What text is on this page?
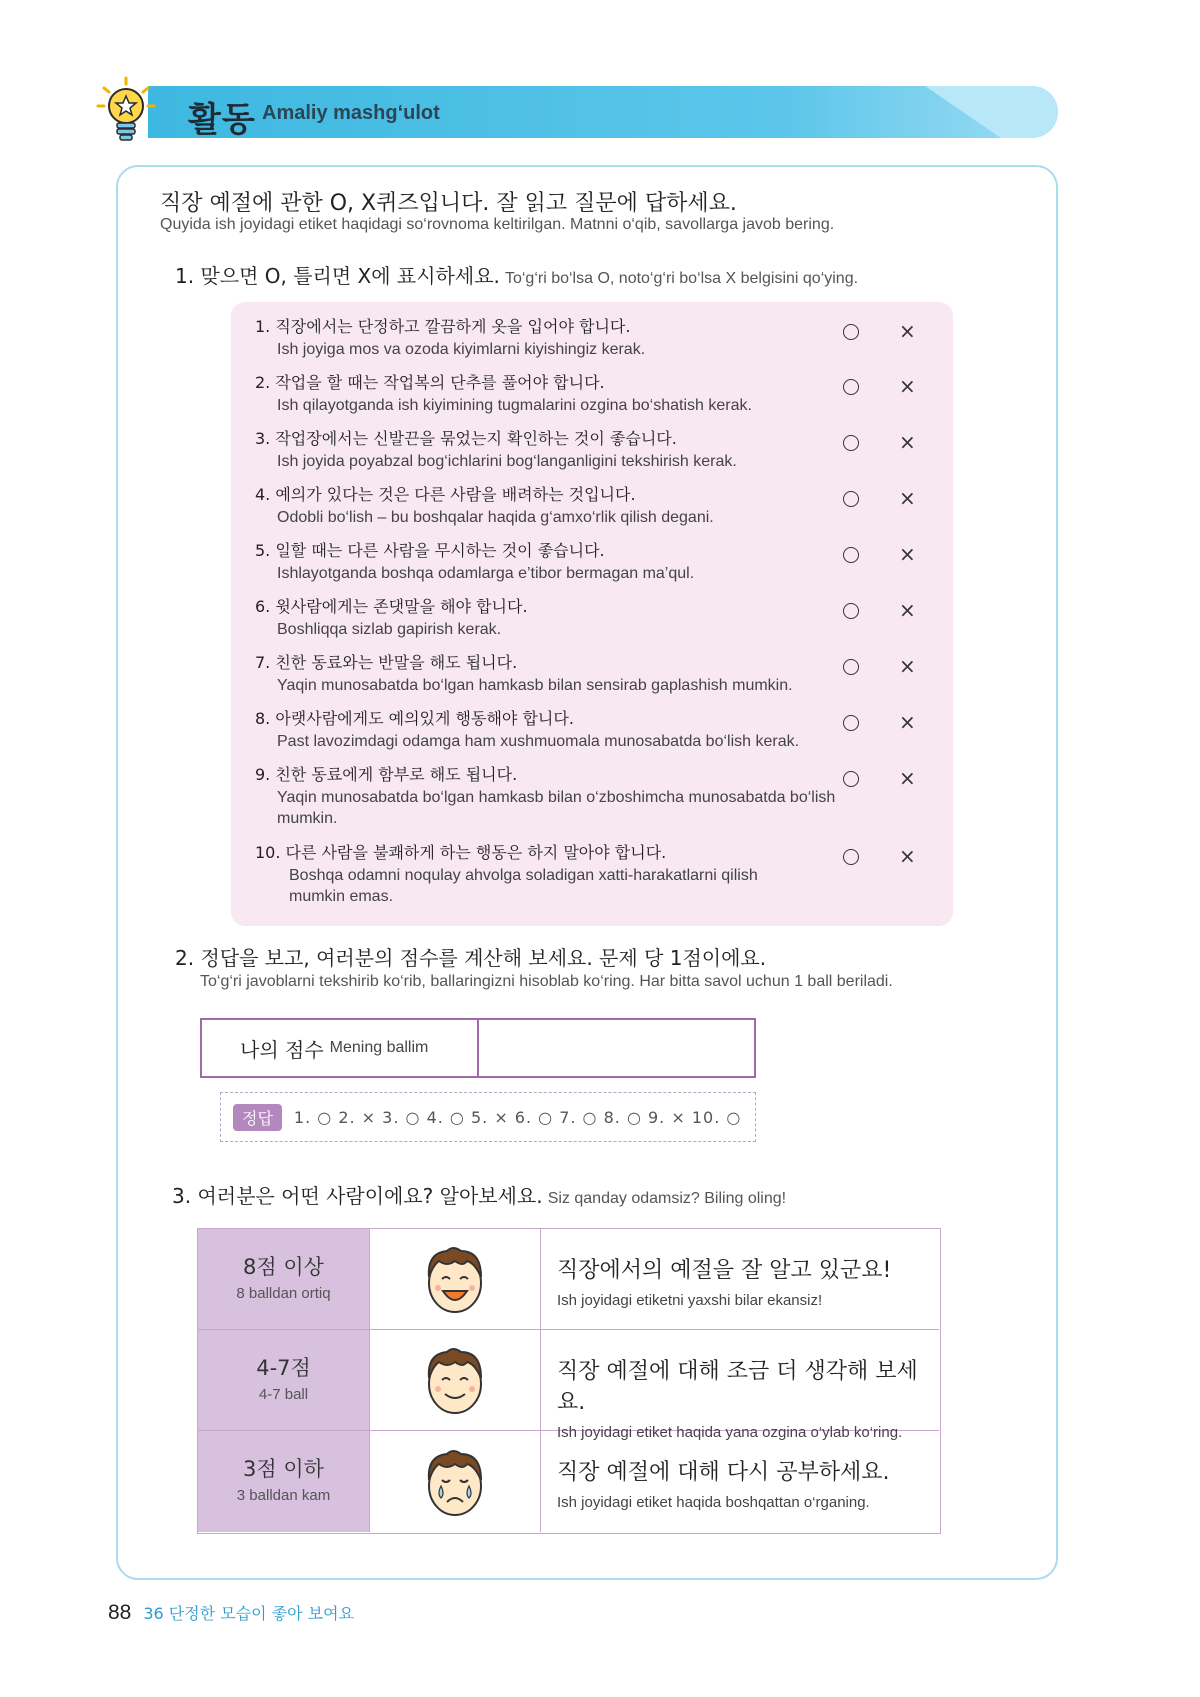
활동 Amaliy mashg‘ulot
직장 예절에 관한 O, X퀴즈입니다. 잘 읽고 질문에 답하세요.
Quyida ish joyidagi etiket haqidagi so‘rovnoma keltirilgan. Matnni o‘qib, savollarga javob bering.
1. 맞으면 O, 틀리면 X에 표시하세요. To‘g‘ri bo‘lsa O, noto‘g‘ri bo‘lsa X belgisini qo‘ying.
1. 직장에서는 단정하고 깔끔하게 옷을 입어야 합니다.
Ish joyiga mos va ozoda kiyimlarni kiyishingiz kerak.
×
2. 작업을 할 때는 작업복의 단추를 풀어야 합니다.
Ish qilayotganda ish kiyimining tugmalarini ozgina bo‘shatish kerak.
×
3. 작업장에서는 신발끈을 묶었는지 확인하는 것이 좋습니다.
Ish joyida poyabzal bog‘ichlarini bog‘langanligini tekshirish kerak.
×
4. 예의가 있다는 것은 다른 사람을 배려하는 것입니다.
Odobli bo‘lish – bu boshqalar haqida g‘amxo‘rlik qilish degani.
×
5. 일할 때는 다른 사람을 무시하는 것이 좋습니다.
Ishlayotganda boshqa odamlarga e’tibor bermagan ma’qul.
×
6. 윗사람에게는 존댓말을 해야 합니다.
Boshliqqa sizlab gapirish kerak.
×
7. 친한 동료와는 반말을 해도 됩니다.
Yaqin munosabatda bo‘lgan hamkasb bilan sensirab gaplashish mumkin.
×
8. 아랫사람에게도 예의있게 행동해야 합니다.
Past lavozimdagi odamga ham xushmuomala munosabatda bo‘lish kerak.
×
9. 친한 동료에게 함부로 해도 됩니다.
Yaqin munosabatda bo‘lgan hamkasb bilan o‘zboshimcha munosabatda bo‘lish mumkin.
×
10. 다른 사람을 불쾌하게 하는 행동은 하지 말아야 합니다.
Boshqa odamni noqulay ahvolga soladigan xatti-harakatlarni qilish mumkin emas.
×
2. 정답을 보고, 여러분의 점수를 계산해 보세요. 문제 당 1점이에요.
To‘g‘ri javoblarni tekshirib ko‘rib, ballaringizni hisoblab ko‘ring. Har bitta savol uchun 1 ball beriladi.
나의 점수 Mening ballim
정답	1. ○ 2. × 3. ○ 4. ○ 5. × 6. ○ 7. ○ 8. ○ 9. × 10. ○
3. 여러분은 어떤 사람이에요? 알아보세요. Siz qanday odamsiz? Biling oling!
8점 이상
8 balldan ortiq
직장에서의 예절을 잘 알고 있군요!
Ish joyidagi etiketni yaxshi bilar ekansiz!
4-7점
4-7 ball
직장 예절에 대해 조금 더 생각해 보세요.
Ish joyidagi etiket haqida yana ozgina o‘ylab ko‘ring.
3점 이하
3 balldan kam
직장 예절에 대해 다시 공부하세요.
Ish joyidagi etiket haqida boshqattan o‘rganing.
88 36 단정한 모습이 좋아 보여요
